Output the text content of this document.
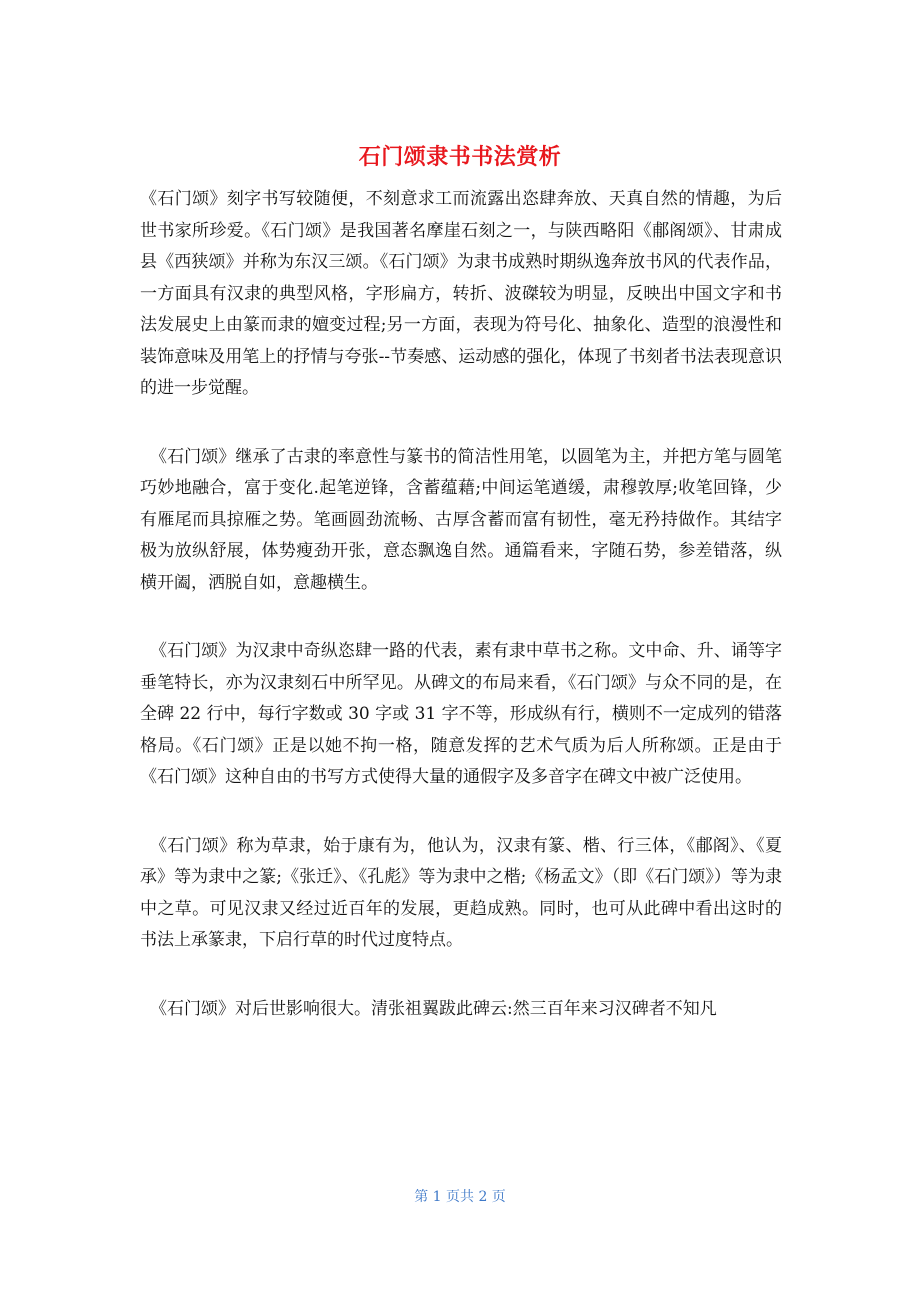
石门颂隶书书法赏析

《石门颂》刻字书写较随便，不刻意求工而流露出恣肆奔放、天真自然的情趣，为后世书家所珍爱。《石门颂》是我国著名摩崖石刻之一，与陕西略阳《郙阁颂》、甘肃成县《西狭颂》并称为东汉三颂。《石门颂》为隶书成熟时期纵逸奔放书风的代表作品，一方面具有汉隶的典型风格，字形扁方，转折、波磔较为明显，反映出中国文字和书法发展史上由篆而隶的嬗变过程;另一方面，表现为符号化、抽象化、造型的浪漫性和装饰意味及用笔上的抒情与夸张--节奏感、运动感的强化，体现了书刻者书法表现意识的进一步觉醒。

《石门颂》继承了古隶的率意性与篆书的简洁性用笔，以圆笔为主，并把方笔与圆笔巧妙地融合，富于变化.起笔逆锋，含蓄蕴藉;中间运笔遒缓，肃穆敦厚;收笔回锋，少有雁尾而具掠雁之势。笔画圆劲流畅、古厚含蓄而富有韧性，毫无矜持做作。其结字极为放纵舒展，体势瘦劲开张，意态飘逸自然。通篇看来，字随石势，参差错落，纵横开阖，洒脱自如，意趣横生。

《石门颂》为汉隶中奇纵恣肆一路的代表，素有隶中草书之称。文中命、升、诵等字垂笔特长，亦为汉隶刻石中所罕见。从碑文的布局来看，《石门颂》与众不同的是，在全碑 22 行中，每行字数或 30 字或 31 字不等，形成纵有行，横则不一定成列的错落格局。《石门颂》正是以她不拘一格，随意发挥的艺术气质为后人所称颂。正是由于《石门颂》这种自由的书写方式使得大量的通假字及多音字在碑文中被广泛使用。

《石门颂》称为草隶，始于康有为，他认为，汉隶有篆、楷、行三体，《郙阁》、《夏承》等为隶中之篆;《张迁》、《孔彪》等为隶中之楷;《杨孟文》（即《石门颂》）等为隶中之草。可见汉隶又经过近百年的发展，更趋成熟。同时，也可从此碑中看出这时的书法上承篆隶，下启行草的时代过度特点。

《石门颂》对后世影响很大。清张祖翼跋此碑云:然三百年来习汉碑者不知凡

第 1 页共 2 页
